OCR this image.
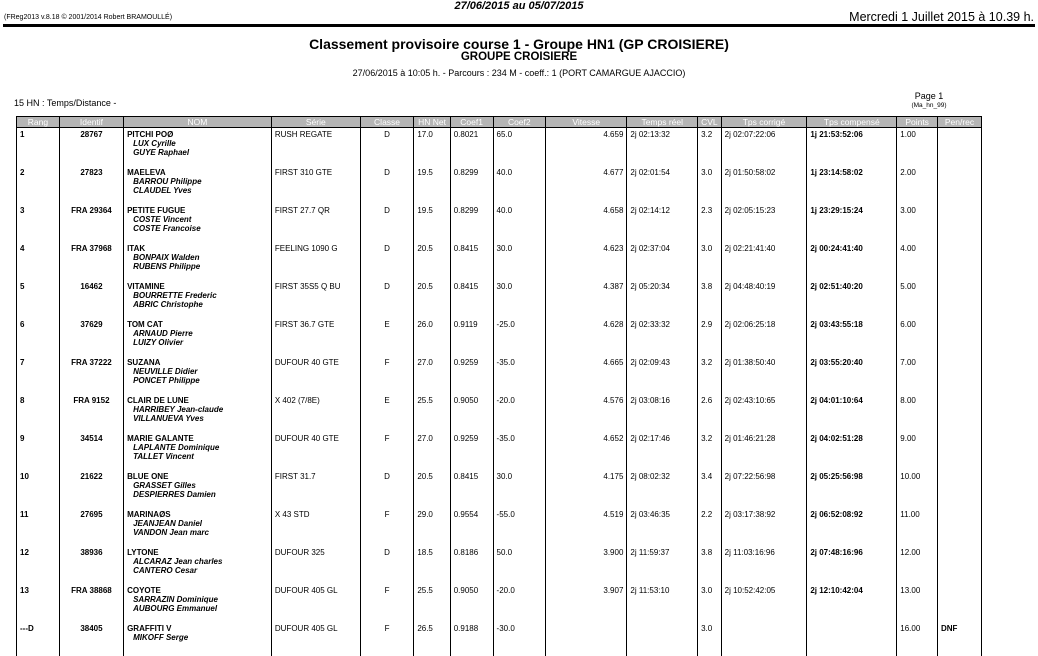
27/06/2015 au 05/07/2015
(FReg2013 v.8.18 © 2001/2014 Robert BRAMOULLÉ)	Mercredi 1 Juillet 2015 à 10.39 h.
Classement provisoire course 1 - Groupe HN1 (GP CROISIERE)
GROUPE CROISIERE
27/06/2015 à 10:05 h. - Parcours : 234 M - coeff.: 1 (PORT CAMARGUE AJACCIO)
15 HN : Temps/Distance -
Page 1
(Ma_hn_99)
Rang	Identif	NOM	Série	Classe	HN Net	Coef1	Coef2	Vitesse	Temps réel	CVL	Tps corrigé	Tps compensé	Points	Pen/rec
1	28767	PITCHI POØ
LUX Cyrille
GUYE Raphael	RUSH REGATE	D	17.0	0.8021	65.0	4.659	2j 02:13:32	3.2	2j 02:07:22:06	1j 21:53:52:06	1.00	
2	27823	MAELEVA
BARROU Philippe
CLAUDEL Yves	FIRST 310 GTE	D	19.5	0.8299	40.0	4.677	2j 02:01:54	3.0	2j 01:50:58:02	1j 23:14:58:02	2.00	
3	FRA 29364	PETITE FUGUE
COSTE Vincent
COSTE Francoise	FIRST 27.7 QR	D	19.5	0.8299	40.0	4.658	2j 02:14:12	2.3	2j 02:05:15:23	1j 23:29:15:24	3.00	
4	FRA 37968	ITAK
BONPAIX Walden
RUBENS Philippe	FEELING 1090 G	D	20.5	0.8415	30.0	4.623	2j 02:37:04	3.0	2j 02:21:41:40	2j 00:24:41:40	4.00	
5	16462	VITAMINE
BOURRETTE Frederic
ABRIC Christophe	FIRST 35S5 Q BU	D	20.5	0.8415	30.0	4.387	2j 05:20:34	3.8	2j 04:48:40:19	2j 02:51:40:20	5.00	
6	37629	TOM CAT
ARNAUD Pierre
LUIZY Olivier	FIRST 36.7 GTE	E	26.0	0.9119	-25.0	4.628	2j 02:33:32	2.9	2j 02:06:25:18	2j 03:43:55:18	6.00	
7	FRA 37222	SUZANA
NEUVILLE Didier
PONCET Philippe	DUFOUR 40 GTE	F	27.0	0.9259	-35.0	4.665	2j 02:09:43	3.2	2j 01:38:50:40	2j 03:55:20:40	7.00	
8	FRA 9152	CLAIR DE LUNE
HARRIBEY Jean-claude
VILLANUEVA Yves	X 402 (7/8E)	E	25.5	0.9050	-20.0	4.576	2j 03:08:16	2.6	2j 02:43:10:65	2j 04:01:10:64	8.00	
9	34514	MARIE GALANTE
LAPLANTE Dominique
TALLET Vincent	DUFOUR 40 GTE	F	27.0	0.9259	-35.0	4.652	2j 02:17:46	3.2	2j 01:46:21:28	2j 04:02:51:28	9.00	
10	21622	BLUE ONE
GRASSET Gilles
DESPIERRES Damien	FIRST 31.7	D	20.5	0.8415	30.0	4.175	2j 08:02:32	3.4	2j 07:22:56:98	2j 05:25:56:98	10.00	
11	27695	MARINAØS
JEANJEAN Daniel
VANDON Jean marc	X 43 STD	F	29.0	0.9554	-55.0	4.519	2j 03:46:35	2.2	2j 03:17:38:92	2j 06:52:08:92	11.00	
12	38936	LYTONE
ALCARAZ Jean charles
CANTERO Cesar	DUFOUR 325	D	18.5	0.8186	50.0	3.900	2j 11:59:37	3.8	2j 11:03:16:96	2j 07:48:16:96	12.00	
13	FRA 38868	COYOTE
SARRAZIN Dominique
AUBOURG Emmanuel	DUFOUR 405 GL	F	25.5	0.9050	-20.0	3.907	2j 11:53:10	3.0	2j 10:52:42:05	2j 12:10:42:04	13.00	
---D	38405	GRAFFITI V
MIKOFF Serge	DUFOUR 405 GL	F	26.5	0.9188	-30.0			3.0			16.00	DNF
